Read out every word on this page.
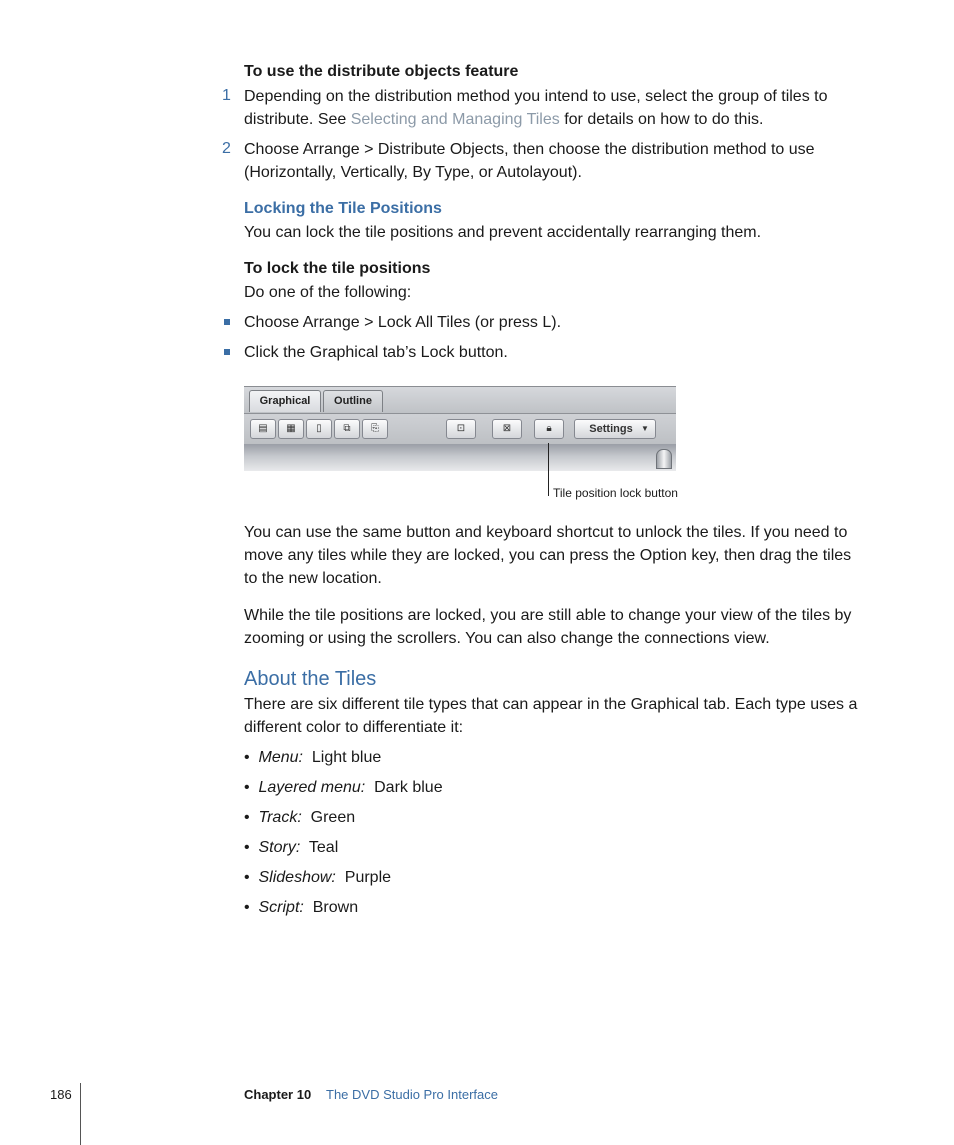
To use the distribute objects feature
1 Depending on the distribution method you intend to use, select the group of tiles to
distribute. See Selecting and Managing Tiles for details on how to do this.
2 Choose Arrange > Distribute Objects, then choose the distribution method to use
(Horizontally, Vertically, By Type, or Autolayout).
Locking the Tile Positions
You can lock the tile positions and prevent accidentally rearranging them.
To lock the tile positions
Do one of the following:
Choose Arrange > Lock All Tiles (or press L).
Click the Graphical tab’s Lock button.
Graphical	Outline
▤ ▦ ▯ ⧉ ⎘	⊡	⊠	🔒︎	Settings ▼
Tile position lock button
You can use the same button and keyboard shortcut to unlock the tiles. If you need to
move any tiles while they are locked, you can press the Option key, then drag the tiles
to the new location.
While the tile positions are locked, you are still able to change your view of the tiles by
zooming or using the scrollers. You can also change the connections view.
About the Tiles
There are six different tile types that can appear in the Graphical tab. Each type uses a
different color to differentiate it:
• Menu: Light blue
• Layered menu: Dark blue
• Track: Green
• Story: Teal
• Slideshow: Purple
• Script: Brown
186	Chapter 10 The DVD Studio Pro Interface
